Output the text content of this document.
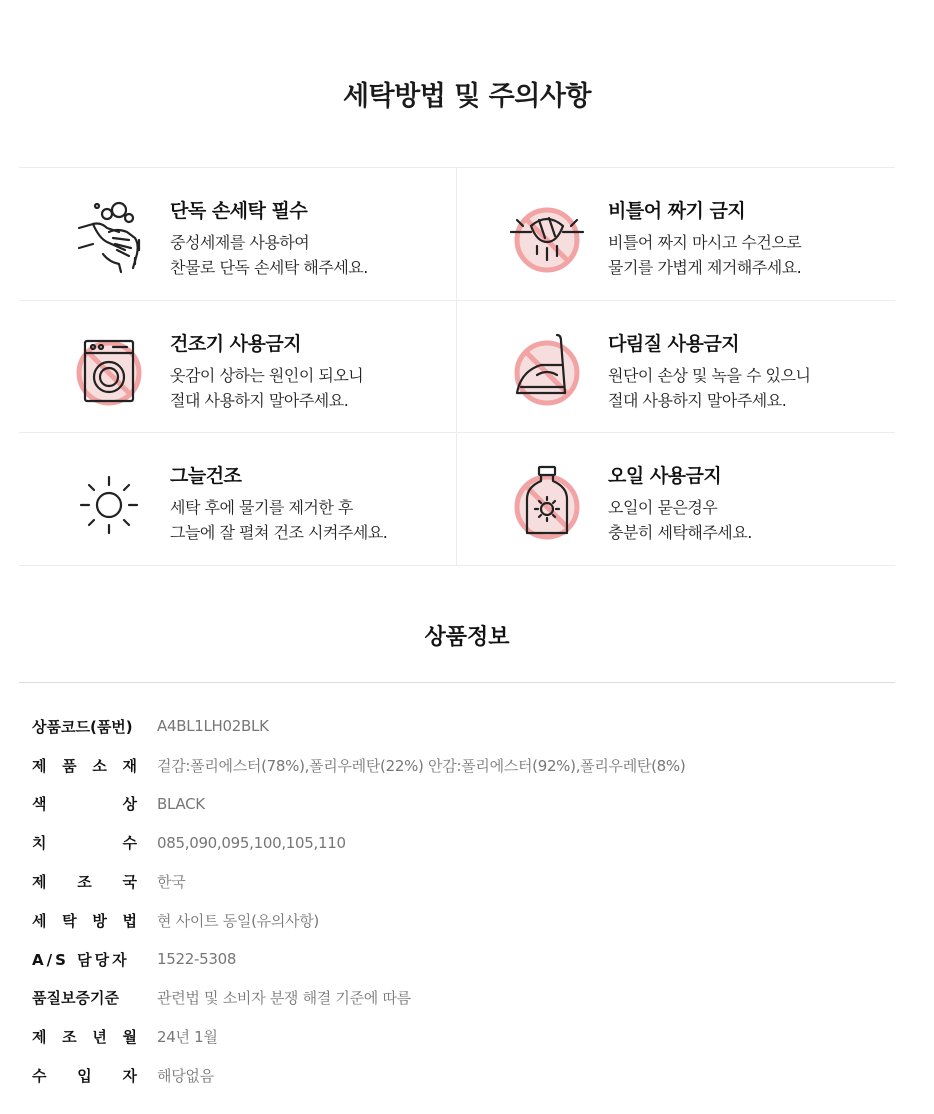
세탁방법 및 주의사항
단독 손세탁 필수
중성세제를 사용하여
찬물로 단독 손세탁 해주세요.
비틀어 짜기 금지
비틀어 짜지 마시고 수건으로
물기를 가볍게 제거해주세요.
건조기 사용금지
옷감이 상하는 원인이 되오니
절대 사용하지 말아주세요.
다림질 사용금지
원단이 손상 및 녹을 수 있으니
절대 사용하지 말아주세요.
그늘건조
세탁 후에 물기를 제거한 후
그늘에 잘 펼쳐 건조 시켜주세요.
오일 사용금지
오일이 묻은경우
충분히 세탁해주세요.
상품정보
상품코드(품번) A4BL1LH02BLK
제 품 소 재 겉감:폴리에스터(78%),폴리우레탄(22%) 안감:폴리에스터(92%),폴리우레탄(8%)
색	상 BLACK
치	수 085,090,095,100,105,110
제 조 국 한국
세 탁 방 법 현 사이트 동일(유의사항)
A/S 담당자 1522-5308
품질보증기준	관련법 및 소비자 분쟁 해결 기준에 따름
제 조 년 월 24년 1월
수 입 자 해당없음
